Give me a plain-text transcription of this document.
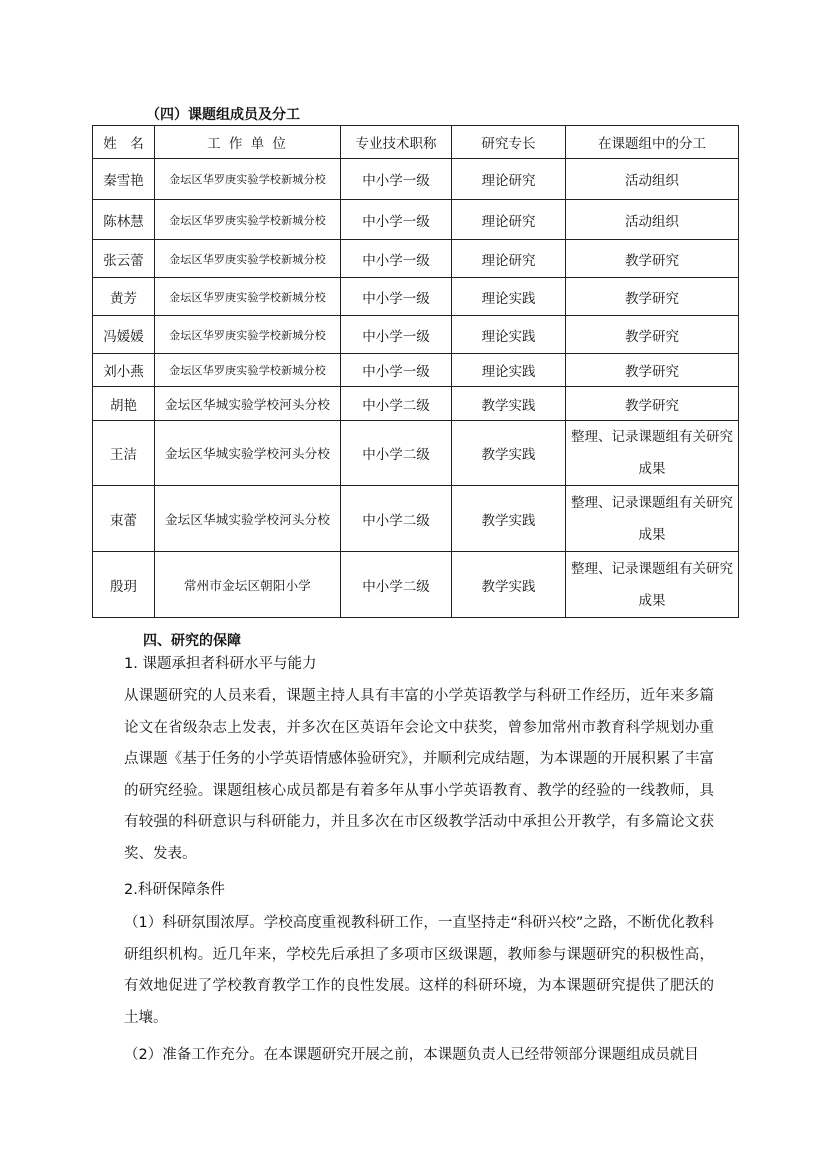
（四）课题组成员及分工
姓　名	工 作 单 位	专业技术职称	研究专长	在课题组中的分工
秦雪艳	金坛区华罗庚实验学校新城分校	中小学一级	理论研究	活动组织
陈林慧	金坛区华罗庚实验学校新城分校	中小学一级	理论研究	活动组织
张云蕾	金坛区华罗庚实验学校新城分校	中小学一级	理论研究	教学研究
黄芳	金坛区华罗庚实验学校新城分校	中小学一级	理论实践	教学研究
冯媛媛	金坛区华罗庚实验学校新城分校	中小学一级	理论实践	教学研究
刘小燕	金坛区华罗庚实验学校新城分校	中小学一级	理论实践	教学研究
胡艳	金坛区华城实验学校河头分校	中小学二级	教学实践	教学研究
王洁	金坛区华城实验学校河头分校	中小学二级	教学实践	整理、记录课题组有关研究成果
束蕾	金坛区华城实验学校河头分校	中小学二级	教学实践	整理、记录课题组有关研究成果
殷玥	常州市金坛区朝阳小学	中小学二级	教学实践	整理、记录课题组有关研究成果
四、研究的保障
1. 课题承担者科研水平与能力
从课题研究的人员来看，课题主持人具有丰富的小学英语教学与科研工作经历，近年来多篇论文在省级杂志上发表，并多次在区英语年会论文中获奖，曾参加常州市教育科学规划办重点课题《基于任务的小学英语情感体验研究》，并顺利完成结题，为本课题的开展积累了丰富的研究经验。课题组核心成员都是有着多年从事小学英语教育、教学的经验的一线教师，具有较强的科研意识与科研能力，并且多次在市区级教学活动中承担公开教学，有多篇论文获奖、发表。
2.科研保障条件
（1）科研氛围浓厚。学校高度重视教科研工作，一直坚持走“科研兴校”之路，不断优化教科研组织机构。近几年来，学校先后承担了多项市区级课题，教师参与课题研究的积极性高，有效地促进了学校教育教学工作的良性发展。这样的科研环境，为本课题研究提供了肥沃的土壤。
（2）准备工作充分。在本课题研究开展之前，本课题负责人已经带领部分课题组成员就目
